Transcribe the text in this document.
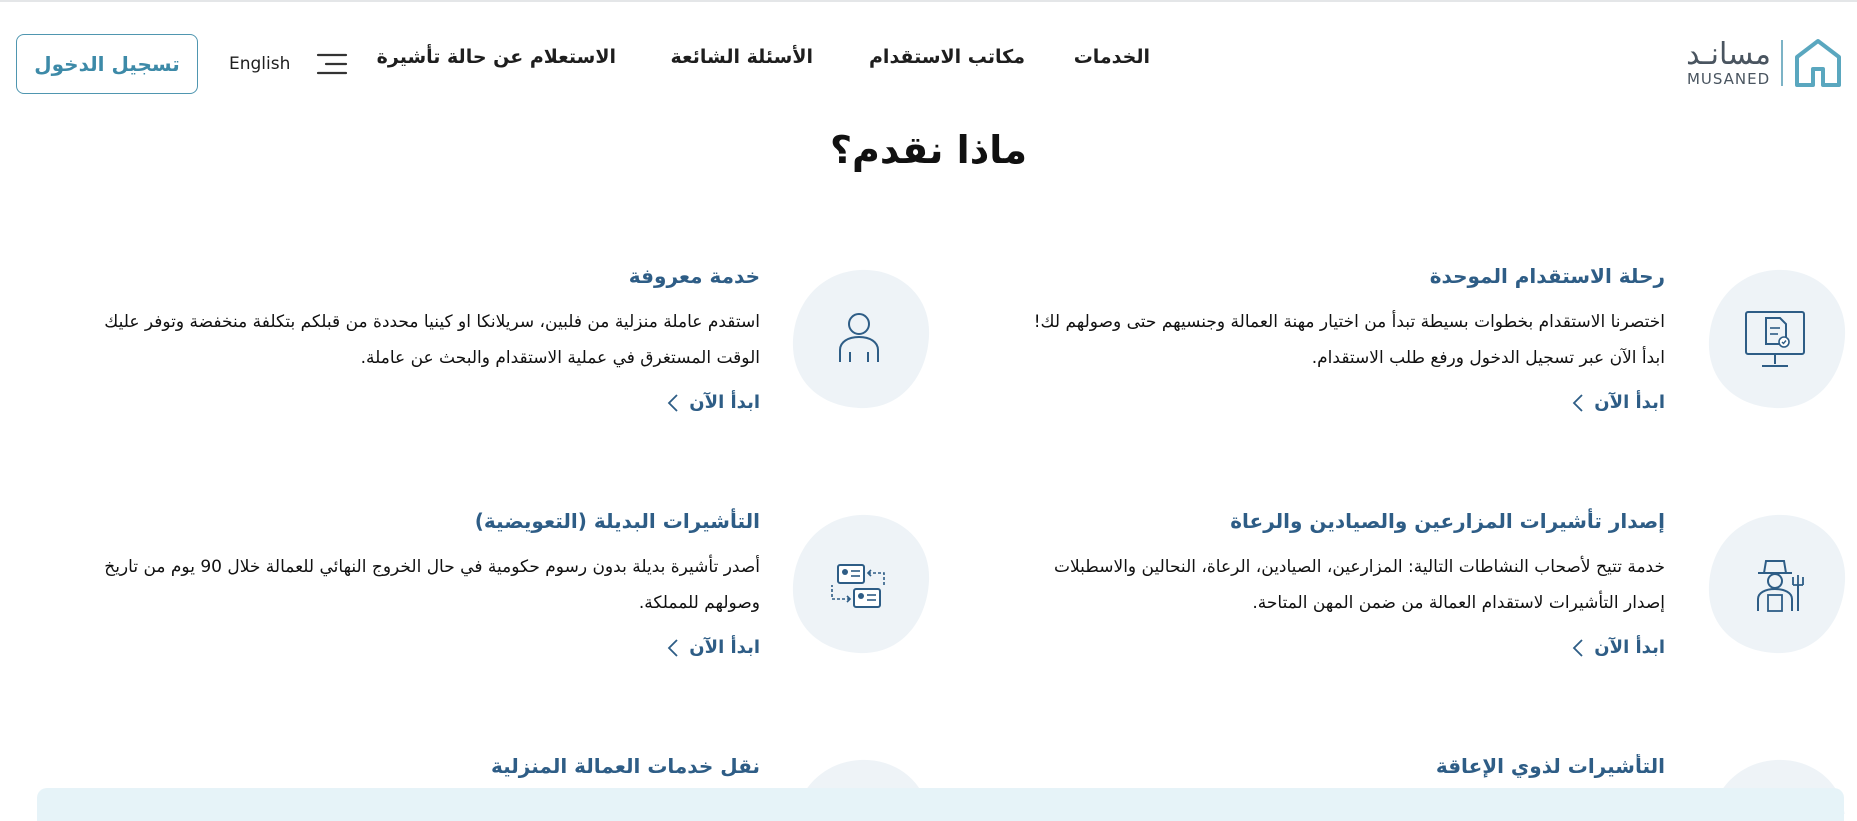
مسانـد
MUSANED
الخدمات
مكاتب الاستقدام
الأسئلة الشائعة
الاستعلام عن حالة تأشيرة
English
تسجيل الدخول
ماذا نقدم؟
رحلة الاستقدام الموحدة
اختصرنا الاستقدام بخطوات بسيطة تبدأ من اختيار مهنة العمالة وجنسيهم حتى وصولهم لك! ابدأ الآن عبر تسجيل الدخول ورفع طلب الاستقدام.
ابدأ الآن
خدمة معروفة
استقدم عاملة منزلية من فلبين، سريلانكا او كينيا محددة من قبلكم بتكلفة منخفضة وتوفر عليك الوقت المستغرق في عملية الاستقدام والبحث عن عاملة.
ابدأ الآن
إصدار تأشيرات المزارعين والصيادين والرعاة
خدمة تتيح لأصحاب النشاطات التالية: المزارعين، الصيادين، الرعاة، النحالين والاسطبلات إصدار التأشيرات لاستقدام العمالة من ضمن المهن المتاحة.
ابدأ الآن
التأشيرات البديلة (التعويضية)
أصدر تأشيرة بديلة بدون رسوم حكومية في حال الخروج النهائي للعمالة خلال 90 يوم من تاريخ وصولهم للمملكة.
ابدأ الآن
التأشيرات لذوي الإعاقة
نقل خدمات العمالة المنزلية
